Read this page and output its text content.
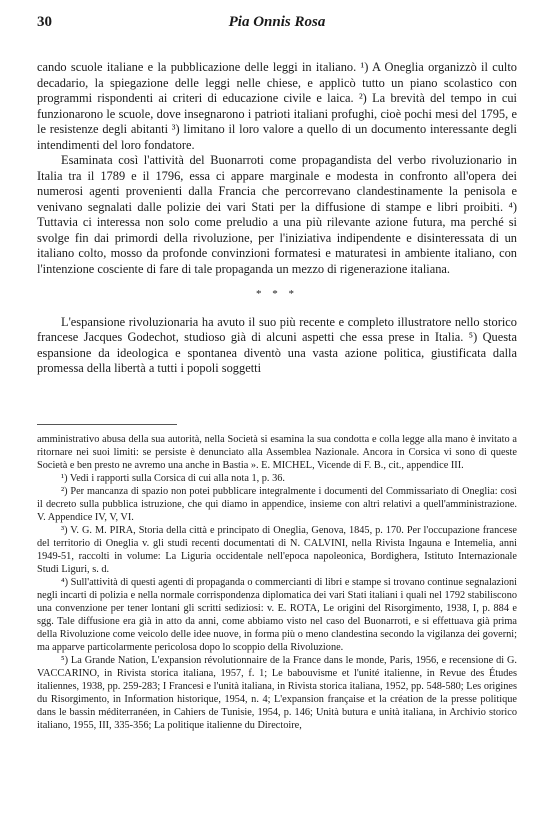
30	Pia Onnis Rosa

cando scuole italiane e la pubblicazione delle leggi in italiano. ¹) A Oneglia organizzò il culto decadario, la spiegazione delle leggi nelle chiese, e applicò tutto un piano scolastico con programmi rispondenti ai criteri di educazione civile e laica. ²) La brevità del tempo in cui funzionarono le scuole, dove insegnarono i patrioti italiani profughi, cioè pochi mesi del 1795, e le resistenze degli abitanti ³) limitano il loro valore a quello di un documento interessante degli intendimenti del loro fondatore.

Esaminata così l'attività del Buonarroti come propagandista del verbo rivoluzionario in Italia tra il 1789 e il 1796, essa ci appare marginale e modesta in confronto all'opera dei numerosi agenti provenienti dalla Francia che percorrevano clandestinamente la penisola e venivano segnalati dalle polizie dei vari Stati per la diffusione di stampe e libri proibiti. ⁴) Tuttavia ci interessa non solo come preludio a una più rilevante azione futura, ma perché si svolge fin dai primordi della rivoluzione, per l'iniziativa indipendente e disinteressata di un italiano colto, mosso da profonde convinzioni formatesi e maturatesi in ambiente italiano, con l'intenzione cosciente di fare di tale propaganda un mezzo di rigenerazione italiana.

* * *

L'espansione rivoluzionaria ha avuto il suo più recente e completo illustratore nello storico francese Jacques Godechot, studioso già di alcuni aspetti che essa prese in Italia. ⁵) Questa espansione da ideologica e spontanea diventò una vasta azione politica, giustificata dalla promessa della libertà a tutti i popoli soggetti

amministrativo abusa della sua autorità, nella Società si esamina la sua condotta e colla legge alla mano è invitato a ritornare nei suoi limiti: se persiste è denunciato alla Assemblea Nazionale. Ancora in Corsica vi sono di queste Società e ben presto ne avremo una anche in Bastia ». E. MICHEL, Vicende di F. B., cit., appendice III.

¹) Vedi i rapporti sulla Corsica di cui alla nota 1, p. 36.

²) Per mancanza di spazio non potei pubblicare integralmente i documenti del Commissariato di Oneglia: così il decreto sulla pubblica istruzione, che qui diamo in appendice, insieme con altri relativi a quell'amministrazione. V. Appendice IV, V, VI.

³) V. G. M. PIRA, Storia della città e principato di Oneglia, Genova, 1845, p. 170. Per l'occupazione francese del territorio di Oneglia v. gli studi recenti documentati di N. CALVINI, nella Rivista Ingauna e Intemelia, anni 1949-51, raccolti in volume: La Liguria occidentale nell'epoca napoleonica, Bordighera, Istituto Internazionale Studi Liguri, s. d.

⁴) Sull'attività di questi agenti di propaganda o commercianti di libri e stampe si trovano continue segnalazioni negli incarti di polizia e nella normale corrispondenza diplomatica dei vari Stati italiani i quali nel 1792 stabiliscono una convenzione per tener lontani gli scritti sediziosi: v. E. ROTA, Le origini del Risorgimento, 1938, I, p. 884 e sgg. Tale diffusione era già in atto da anni, come abbiamo visto nel caso del Buonarroti, e si effettuava già prima della Rivoluzione come veicolo delle idee nuove, in forma più o meno clandestina secondo la vigilanza dei governi; ma apparve particolarmente pericolosa dopo lo scoppio della Rivoluzione.

⁵) La Grande Nation, L'expansion révolutionnaire de la France dans le monde, Paris, 1956, e recensione di G. VACCARINO, in Rivista storica italiana, 1957, f. 1; Le babouvisme et l'unité italienne, in Revue des Études italiennes, 1938, pp. 259-283; I Francesi e l'unità italiana, in Rivista storica italiana, 1952, pp. 548-580; Les origines du Risorgimento, in Information historique, 1954, n. 4; L'expansion française et la création de la presse politique dans le bassin méditerranéen, in Cahiers de Tunisie, 1954, p. 146; Unità butura e unità italiana, in Archivio storico italiano, 1955, III, 335-356; La politique italienne du Directoire,
